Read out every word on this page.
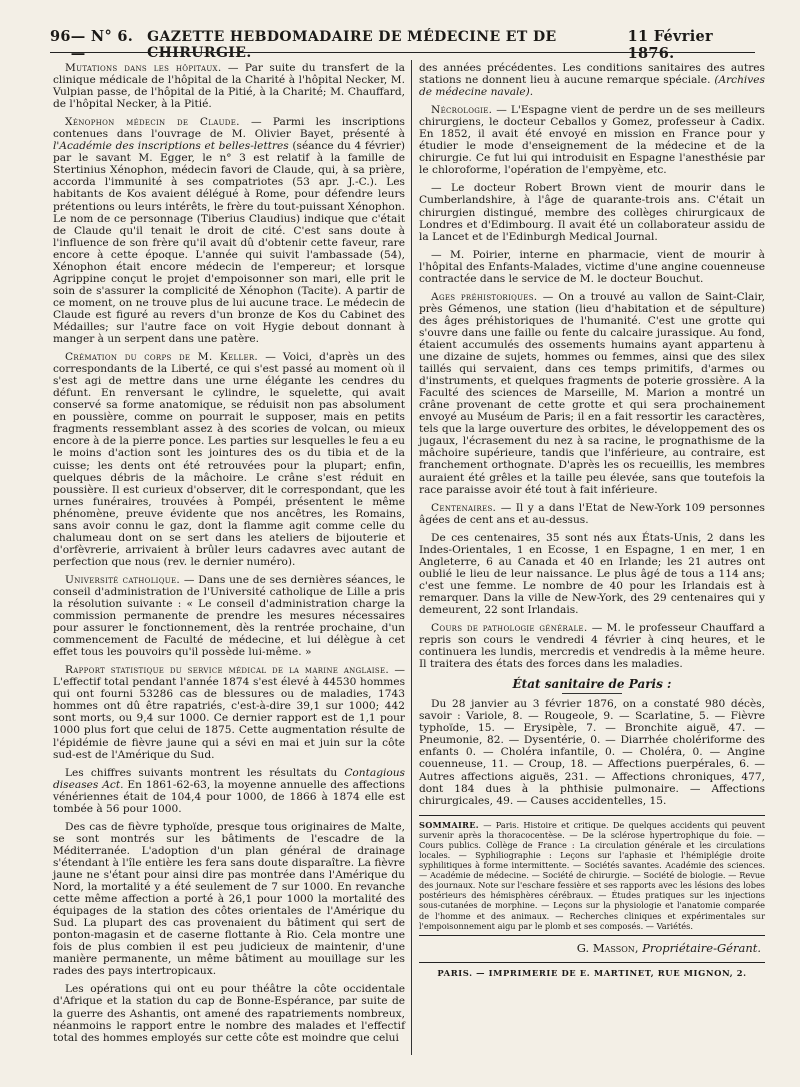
96 — N° 6. —
GAZETTE HEBDOMADAIRE DE MÉDECINE ET DE CHIRURGIE.
11 Février 1876.

Mutations dans les hôpitaux. — Par suite du transfert de la clinique médicale de l'hôpital de la Charité à l'hôpital Necker, M. Vulpian passe, de l'hôpital de la Pitié, à la Charité; M. Chauffard, de l'hôpital Necker, à la Pitié.

Xénophon médecin de Claude. — Parmi les inscriptions contenues dans l'ouvrage de M. Olivier Bayet, présenté à l'Académie des inscriptions et belles-lettres (séance du 4 février) par le savant M. Egger, le n° 3 est relatif à la famille de Stertinius Xénophon, médecin favori de Claude, qui, à sa prière, accorda l'immunité à ses compatriotes (53 apr. J.-C.). Les habitants de Kos avaient délégué à Rome, pour défendre leurs prétentions ou leurs intérêts, le frère du tout-puissant Xénophon. Le nom de ce personnage (Tiberius Claudius) indique que c'était de Claude qu'il tenait le droit de cité. C'est sans doute à l'influence de son frère qu'il avait dû d'obtenir cette faveur, rare encore à cette époque. L'année qui suivit l'ambassade (54), Xénophon était encore médecin de l'empereur; et lorsque Agrippine conçut le projet d'empoisonner son mari, elle prit le soin de s'assurer la complicité de Xénophon (Tacite). A partir de ce moment, on ne trouve plus de lui aucune trace. Le médecin de Claude est figuré au revers d'un bronze de Kos du Cabinet des Médailles; sur l'autre face on voit Hygie debout donnant à manger à un serpent dans une patère.

Crémation du corps de M. Keller. — Voici, d'après un des correspondants de la Liberté, ce qui s'est passé au moment où il s'est agi de mettre dans une urne élégante les cendres du défunt. En renversant le cylindre, le squelette, qui avait conservé sa forme anatomique, se réduisit non pas absolument en poussière, comme on pourrait le supposer, mais en petits fragments ressemblant assez à des scories de volcan, ou mieux encore à de la pierre ponce. Les parties sur lesquelles le feu a eu le moins d'action sont les jointures des os du tibia et de la cuisse; les dents ont été retrouvées pour la plupart; enfin, quelques débris de la mâchoire. Le crâne s'est réduit en poussière. Il est curieux d'observer, dit le correspondant, que les urnes funéraires, trouvées à Pompéi, présentent le même phénomène, preuve évidente que nos ancêtres, les Romains, sans avoir connu le gaz, dont la flamme agit comme celle du chalumeau dont on se sert dans les ateliers de bijouterie et d'orfèvrerie, arrivaient à brûler leurs cadavres avec autant de perfection que nous (rev. le dernier numéro).

Université catholique. — Dans une de ses dernières séances, le conseil d'administration de l'Université catholique de Lille a pris la résolution suivante : « Le conseil d'administration charge la commission permanente de prendre les mesures nécessaires pour assurer le fonctionnement, dès la rentrée prochaine, d'un commencement de Faculté de médecine, et lui délègue à cet effet tous les pouvoirs qu'il possède lui-même. »

Rapport statistique du service médical de la marine anglaise. — L'effectif total pendant l'année 1874 s'est élevé à 44530 hommes qui ont fourni 53286 cas de blessures ou de maladies, 1743 hommes ont dû être rapatriés, c'est-à-dire 39,1 sur 1000; 442 sont morts, ou 9,4 sur 1000. Ce dernier rapport est de 1,1 pour 1000 plus fort que celui de 1875. Cette augmentation résulte de l'épidémie de fièvre jaune qui a sévi en mai et juin sur la côte sud-est de l'Amérique du Sud.

Les chiffres suivants montrent les résultats du Contagious diseases Act. En 1861-62-63, la moyenne annuelle des affections vénériennes était de 104,4 pour 1000, de 1866 à 1874 elle est tombée à 56 pour 1000.

Des cas de fièvre typhoïde, presque tous originaires de Malte, se sont montrés sur les bâtiments de l'escadre de la Méditerranée. L'adoption d'un plan général de drainage s'étendant à l'île entière les fera sans doute disparaître. La fièvre jaune ne s'étant pour ainsi dire pas montrée dans l'Amérique du Nord, la mortalité y a été seulement de 7 sur 1000. En revanche cette même affection a porté à 26,1 pour 1000 la mortalité des équipages de la station des côtes orientales de l'Amérique du Sud. La plupart des cas provenaient du bâtiment qui sert de ponton-magasin et de caserne flottante à Rio. Cela montre une fois de plus combien il est peu judicieux de maintenir, d'une manière permanente, un même bâtiment au mouillage sur les rades des pays intertropicaux.

Les opérations qui ont eu pour théâtre la côte occidentale d'Afrique et la station du cap de Bonne-Espérance, par suite de la guerre des Ashantis, ont amené des rapatriements nombreux, néanmoins le rapport entre le nombre des malades et l'effectif total des hommes employés sur cette côte est moindre que celui

des années précédentes. Les conditions sanitaires des autres stations ne donnent lieu à aucune remarque spéciale. (Archives de médecine navale).

Nécrologie. — L'Espagne vient de perdre un de ses meilleurs chirurgiens, le docteur Ceballos y Gomez, professeur à Cadix. En 1852, il avait été envoyé en mission en France pour y étudier le mode d'enseignement de la médecine et de la chirurgie. Ce fut lui qui introduisit en Espagne l'anesthésie par le chloroforme, l'opération de l'empyème, etc.

— Le docteur Robert Brown vient de mourir dans le Cumberlandshire, à l'âge de quarante-trois ans. C'était un chirurgien distingué, membre des collèges chirurgicaux de Londres et d'Edimbourg. Il avait été un collaborateur assidu de la Lancet et de l'Edinburgh Medical Journal.

— M. Poirier, interne en pharmacie, vient de mourir à l'hôpital des Enfants-Malades, victime d'une angine couenneuse contractée dans le service de M. le docteur Bouchut.

Ages préhistoriques. — On a trouvé au vallon de Saint-Clair, près Gémenos, une station (lieu d'habitation et de sépulture) des âges préhistoriques de l'humanité. C'est une grotte qui s'ouvre dans une faille ou fente du calcaire jurassique. Au fond, étaient accumulés des ossements humains ayant appartenu à une dizaine de sujets, hommes ou femmes, ainsi que des silex taillés qui servaient, dans ces temps primitifs, d'armes ou d'instruments, et quelques fragments de poterie grossière. A la Faculté des sciences de Marseille, M. Marion a montré un crâne provenant de cette grotte et qui sera prochainement envoyé au Muséum de Paris; il en a fait ressortir les caractères, tels que la large ouverture des orbites, le développement des os jugaux, l'écrasement du nez à sa racine, le prognathisme de la mâchoire supérieure, tandis que l'inférieure, au contraire, est franchement orthognate. D'après les os recueillis, les membres auraient été grêles et la taille peu élevée, sans que toutefois la race paraisse avoir été tout à fait inférieure.

Centenaires. — Il y a dans l'Etat de New-York 109 personnes âgées de cent ans et au-dessus.

De ces centenaires, 35 sont nés aux États-Unis, 2 dans les Indes-Orientales, 1 en Ecosse, 1 en Espagne, 1 en mer, 1 en Angleterre, 6 au Canada et 40 en Irlande; les 21 autres ont oublié le lieu de leur naissance. Le plus âgé de tous a 114 ans; c'est une femme. Le nombre de 40 pour les Irlandais est à remarquer. Dans la ville de New-York, des 29 centenaires qui y demeurent, 22 sont Irlandais.

Cours de pathologie générale. — M. le professeur Chauffard a repris son cours le vendredi 4 février à cinq heures, et le continuera les lundis, mercredis et vendredis à la même heure. Il traitera des états des forces dans les maladies.

État sanitaire de Paris :

Du 28 janvier au 3 février 1876, on a constaté 980 décès, savoir : Variole, 8. — Rougeole, 9. — Scarlatine, 5. — Fièvre typhoïde, 15. — Erysipèle, 7. — Bronchite aiguë, 47. — Pneumonie, 82. — Dysentérie, 0. — Diarrhée cholériforme des enfants 0. — Choléra infantile, 0. — Choléra, 0. — Angine couenneuse, 11. — Croup, 18. — Affections puerpérales, 6. — Autres affections aiguës, 231. — Affections chroniques, 477, dont 184 dues à la phthisie pulmonaire. — Affections chirurgicales, 49. — Causes accidentelles, 15.

SOMMAIRE. — Paris. Histoire et critique. De quelques accidents qui peuvent survenir après la thoracocentèse. — De la sclérose hypertrophique du foie. — Cours publics. Collège de France : La circulation générale et les circulations locales. — Syphiliographie : Leçons sur l'aphasie et l'hémiplégie droite syphilitiques à forme intermittente. — Sociétés savantes. Académie des sciences. — Académie de médecine. — Société de chirurgie. — Société de biologie. — Revue des journaux. Note sur l'eschare fessière et ses rapports avec les lésions des lobes postérieurs des hémisphères cérébraux. — Études pratiques sur les injections sous-cutanées de morphine. — Leçons sur la physiologie et l'anatomie comparée de l'homme et des animaux. — Recherches cliniques et expérimentales sur l'empoisonnement aigu par le plomb et ses composés. — Variétés.
G. Masson, Propriétaire-Gérant.
PARIS. — IMPRIMERIE DE E. MARTINET, RUE MIGNON, 2.
